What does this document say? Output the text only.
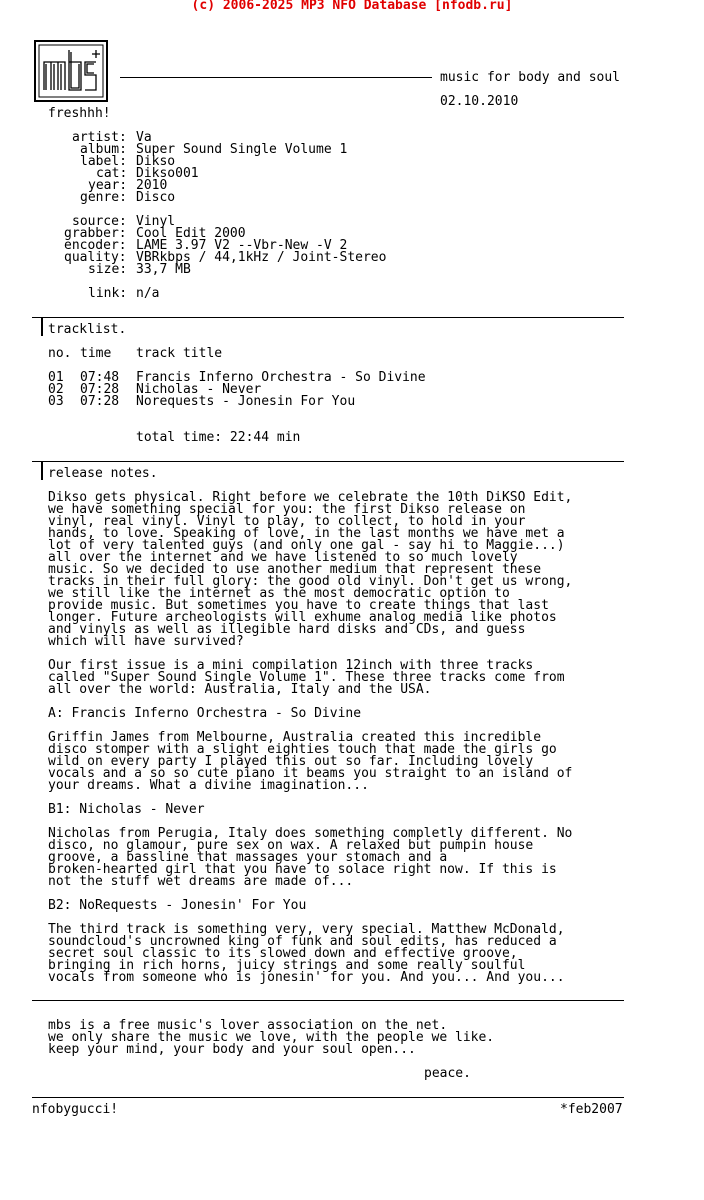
(c) 2006-2025 MP3 NFO Database [nfodb.ru]
music for body and soul
02.10.2010
freshhh!
artist: Va
album: Super Sound Single Volume 1
label: Dikso
cat: Dikso001
year: 2010
genre: Disco
source: Vinyl
grabber: Cool Edit 2000
encoder: LAME 3.97 V2 --Vbr-New -V 2
quality: VBRkbps / 44,1kHz / Joint-Stereo
size: 33,7 MB
link: n/a
tracklist.
no. time track title
01 07:48 Francis Inferno Orchestra - So Divine
02 07:28 Nicholas - Never
03 07:28 Norequests - Jonesin For You
total time: 22:44 min
release notes.
Dikso gets physical. Right before we celebrate the 10th DiKSO Edit,
we have something special for you: the first Dikso release on
vinyl, real vinyl. Vinyl to play, to collect, to hold in your
hands, to love. Speaking of love, in the last months we have met a
lot of very talented guys (and only one gal - say hi to Maggie...)
all over the internet and we have listened to so much lovely
music. So we decided to use another medium that represent these
tracks in their full glory: the good old vinyl. Don't get us wrong,
we still like the internet as the most democratic option to
provide music. But sometimes you have to create things that last
longer. Future archeologists will exhume analog media like photos
and vinyls as well as illegible hard disks and CDs, and guess
which will have survived?
Our first issue is a mini compilation 12inch with three tracks
called "Super Sound Single Volume 1". These three tracks come from
all over the world: Australia, Italy and the USA.
A: Francis Inferno Orchestra - So Divine
Griffin James from Melbourne, Australia created this incredible
disco stomper with a slight eighties touch that made the girls go
wild on every party I played this out so far. Including lovely
vocals and a so so cute piano it beams you straight to an island of
your dreams. What a divine imagination...
B1: Nicholas - Never
Nicholas from Perugia, Italy does something completly different. No
disco, no glamour, pure sex on wax. A relaxed but pumpin house
groove, a bassline that massages your stomach and a
broken-hearted girl that you have to solace right now. If this is
not the stuff wet dreams are made of...
B2: NoRequests - Jonesin' For You
The third track is something very, very special. Matthew McDonald,
soundcloud's uncrowned king of funk and soul edits, has reduced a
secret soul classic to its slowed down and effective groove,
bringing in rich horns, juicy strings and some really soulful
vocals from someone who is jonesin' for you. And you... And you...
mbs is a free music's lover association on the net.
we only share the music we love, with the people we like.
keep your mind, your body and your soul open...
peace.
nfobygucci!	*feb2007
